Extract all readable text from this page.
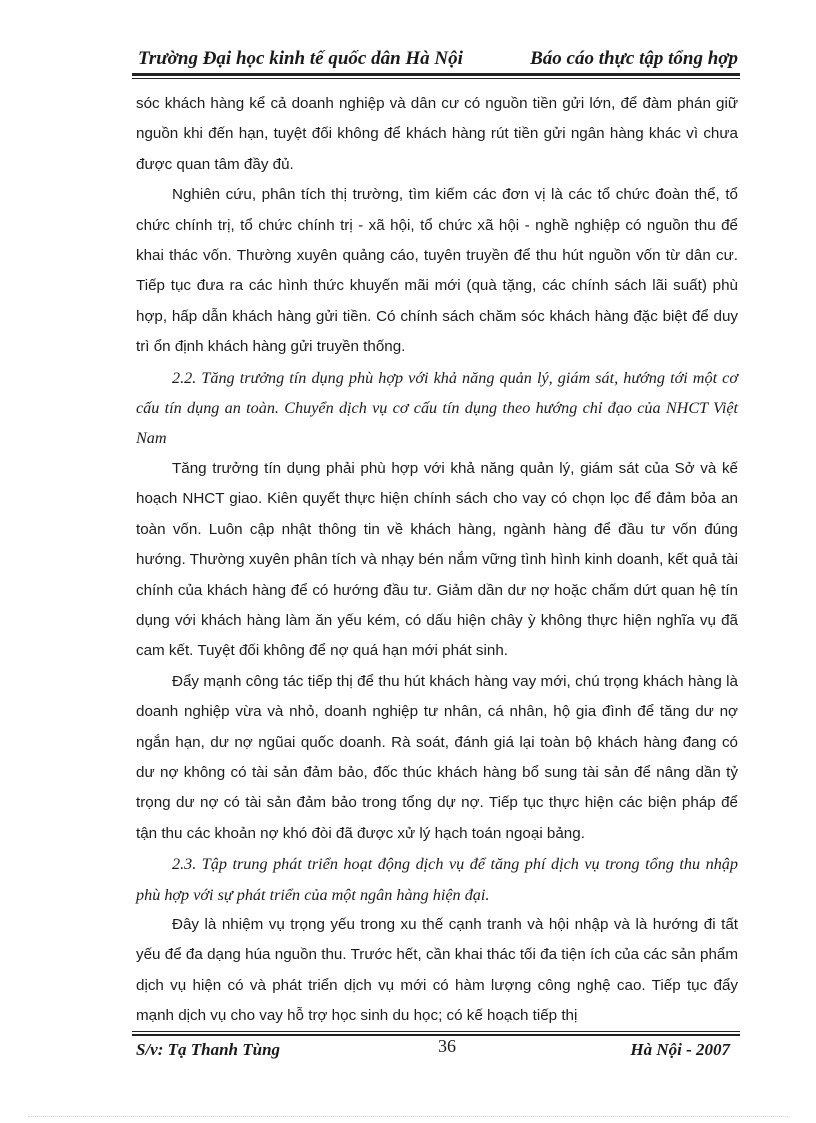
Trường Đại học kinh tế quốc dân Hà Nội	Báo cáo thực tập tổng hợp

sóc khách hàng kể cả doanh nghiệp và dân cư có nguồn tiền gửi lớn, để đàm phán giữ nguồn khi đến hạn, tuyệt đối không để khách hàng rút tiền gửi ngân hàng khác vì chưa được quan tâm đầy đủ.

Nghiên cứu, phân tích thị trường, tìm kiếm các đơn vị là các tổ chức đoàn thể, tổ chức chính trị, tổ chức chính trị - xã hội, tổ chức xã hội - nghề nghiệp có nguồn thu để khai thác vốn. Thường xuyên quảng cáo, tuyên truyền để thu hút nguồn vốn từ dân cư. Tiếp tục đưa ra các hình thức khuyến mãi mới (quà tặng, các chính sách lãi suất) phù hợp, hấp dẫn khách hàng gửi tiền. Có chính sách chăm sóc khách hàng đặc biệt để duy trì ổn định khách hàng gửi truyền thống.

2.2. Tăng trưởng tín dụng phù hợp với khả năng quản lý, giám sát, hướng tới một cơ cấu tín dụng an toàn. Chuyển dịch vụ cơ cấu tín dụng theo hướng chỉ đạo của NHCT Việt Nam

Tăng trưởng tín dụng phải phù hợp với khả năng quản lý, giám sát của Sở và kế hoạch NHCT giao. Kiên quyết thực hiện chính sách cho vay có chọn lọc để đảm bỏa an toàn vốn. Luôn cập nhật thông tin về khách hàng, ngành hàng để đầu tư vốn đúng hướng. Thường xuyên phân tích và nhạy bén nắm vững tình hình kinh doanh, kết quả tài chính của khách hàng để có hướng đầu tư. Giảm dần dư nợ hoặc chấm dứt quan hệ tín dụng với khách hàng làm ăn yếu kém, có dấu hiện chây ỳ không thực hiện nghĩa vụ đã cam kết. Tuyệt đối không để nợ quá hạn mới phát sinh.

Đẩy mạnh công tác tiếp thị để thu hút khách hàng vay mới, chú trọng khách hàng là doanh nghiệp vừa và nhỏ, doanh nghiệp tư nhân, cá nhân, hộ gia đình để tăng dư nợ ngắn hạn, dư nợ ngũai quốc doanh. Rà soát, đánh giá lại toàn bộ khách hàng đang có dư nợ không có tài sản đảm bảo, đốc thúc khách hàng bổ sung tài sản để nâng dần tỷ trọng dư nợ có tài sản đảm bảo trong tổng dự nợ. Tiếp tục thực hiện các biện pháp để tận thu các khoản nợ khó đòi đã được xử lý hạch toán ngoại bảng.

2.3. Tập trung phát triển hoạt động dịch vụ để tăng phí dịch vụ trong tổng thu nhập phù hợp với sự phát triển của một ngân hàng hiện đại.

Đây là nhiệm vụ trọng yếu trong xu thế cạnh tranh và hội nhập và là hướng đi tất yếu để đa dạng húa nguồn thu. Trước hết, cần khai thác tối đa tiện ích của các sản phẩm dịch vụ hiện có và phát triển dịch vụ mới có hàm lượng công nghệ cao. Tiếp tục đẩy mạnh dịch vụ cho vay hỗ trợ học sinh du học; có kế hoạch tiếp thị

S/v: Tạ Thanh Tùng	36	Hà Nội - 2007
